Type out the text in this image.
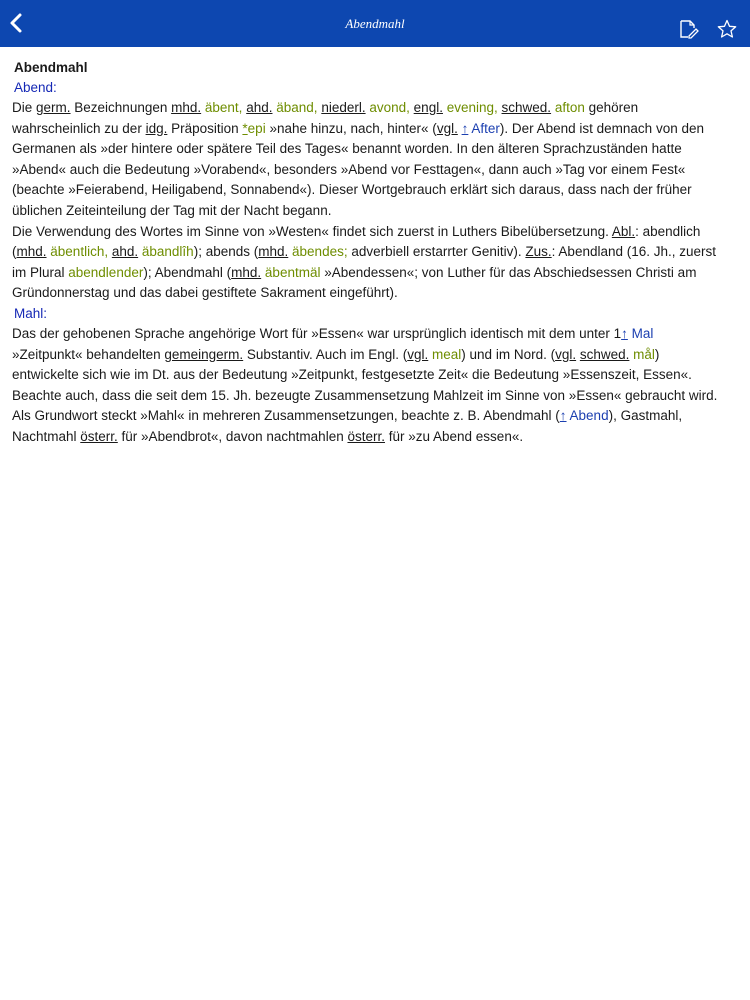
Abendmahl
Abendmahl
Abend:

Die germ. Bezeichnungen mhd. äbent, ahd. äband, niederl. avond, engl. evening, schwed. afton gehören

wahrscheinlich zu der idg. Präposition *epi »nahe hinzu, nach, hinter« (vgl. ↑ After). Der Abend ist demnach von den

Germanen als »der hintere oder spätere Teil des Tages« benannt worden. In den älteren Sprachzuständen hatte

»Abend« auch die Bedeutung »Vorabend«, besonders »Abend vor Festtagen«, dann auch »Tag vor einem Fest«

(beachte »Feierabend, Heiligabend, Sonnabend«). Dieser Wortgebrauch erklärt sich daraus, dass nach der früher

üblichen Zeiteinteilung der Tag mit der Nacht begann.

Die Verwendung des Wortes im Sinne von »Westen« findet sich zuerst in Luthers Bibelübersetzung. Abl.: abendlich

(mhd. äbentlich, ahd. äbandlîh); abends (mhd. äbendes; adverbiell erstarrter Genitiv). Zus.: Abendland (16. Jh., zuerst

im Plural abendlender); Abendmahl (mhd. äbentmäl »Abendessen«; von Luther für das Abschiedsessen Christi am

Gründonnerstag und das dabei gestiftete Sakrament eingeführt).

Mahl:

Das der gehobenen Sprache angehörige Wort für »Essen« war ursprünglich identisch mit dem unter 1↑ Mal

»Zeitpunkt« behandelten gemeingerm. Substantiv. Auch im Engl. (vgl. meal) und im Nord. (vgl. schwed. mål)

entwickelte sich wie im Dt. aus der Bedeutung »Zeitpunkt, festgesetzte Zeit« die Bedeutung »Essenszeit, Essen«.

Beachte auch, dass die seit dem 15. Jh. bezeugte Zusammensetzung Mahlzeit im Sinne von »Essen« gebraucht wird.

Als Grundwort steckt »Mahl« in mehreren Zusammensetzungen, beachte z. B. Abendmahl (↑ Abend), Gastmahl,

Nachtmahl österr. für »Abendbrot«, davon nachtmahlen österr. für »zu Abend essen«.
